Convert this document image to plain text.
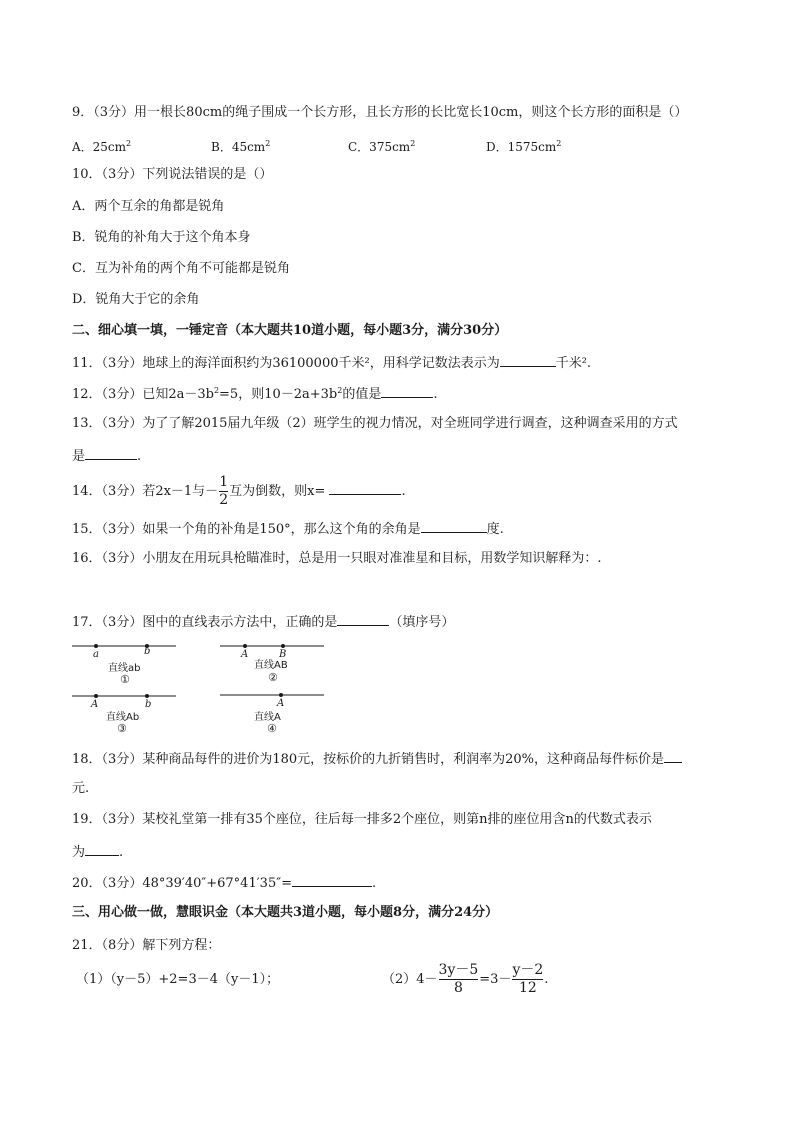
9．（3分）用一根长80cm的绳子围成一个长方形，且长方形的长比宽长10cm，则这个长方形的面积是（）
A．$25cm^2$	B．$45cm^2$	C．$375cm^2$	D．$1575cm^2$
10．（3分）下列说法错误的是（）
A．两个互余的角都是锐角
B．锐角的补角大于这个角本身
C．互为补角的两个角不可能都是锐角
D．锐角大于它的余角
二、细心填一填，一锤定音（本大题共10道小题，每小题3分，满分30分）
11．（3分）地球上的海洋面积约为36100000千米²，用科学记数法表示为	千米².
12．（3分）已知$2a-3b^2=5$，则$10-2a+3b^2$的值是	.
13．（3分）为了了解2015届九年级（2）班学生的视力情况，对全班同学进行调查，这种调查采用的方式
是	.
14．（3分）若2x－1与－ $\frac{1}{2}$ 互为倒数，则x=	.
15．（3分）如果一个角的补角是150°，那么这个角的余角是	度.
16．（3分）小朋友在用玩具枪瞄准时，总是用一只眼对准准星和目标，用数学知识解释为：.
17．（3分）图中的直线表示方法中，正确的是	（填序号）
a	b
直线ab
①
A	B
直线AB
②
A	b
直线Ab
③
A
直线A
④
18．（3分）某种商品每件的进价为180元，按标价的九折销售时，利润率为20%，这种商品每件标价是
元.
19．（3分）某校礼堂第一排有35个座位，往后每一排多2个座位，则第n排的座位用含n的代数式表示
为	.
20．（3分）48°39′40″+67°41′35″=	.
三、用心做一做，慧眼识金（本大题共3道小题，每小题8分，满分24分）
21．（8分）解下列方程：
（1）（y－5）+2=3－4（y－1）；	$(2)4- \frac{3y-5}{8} =3- \frac{y-2}{12}$ .
